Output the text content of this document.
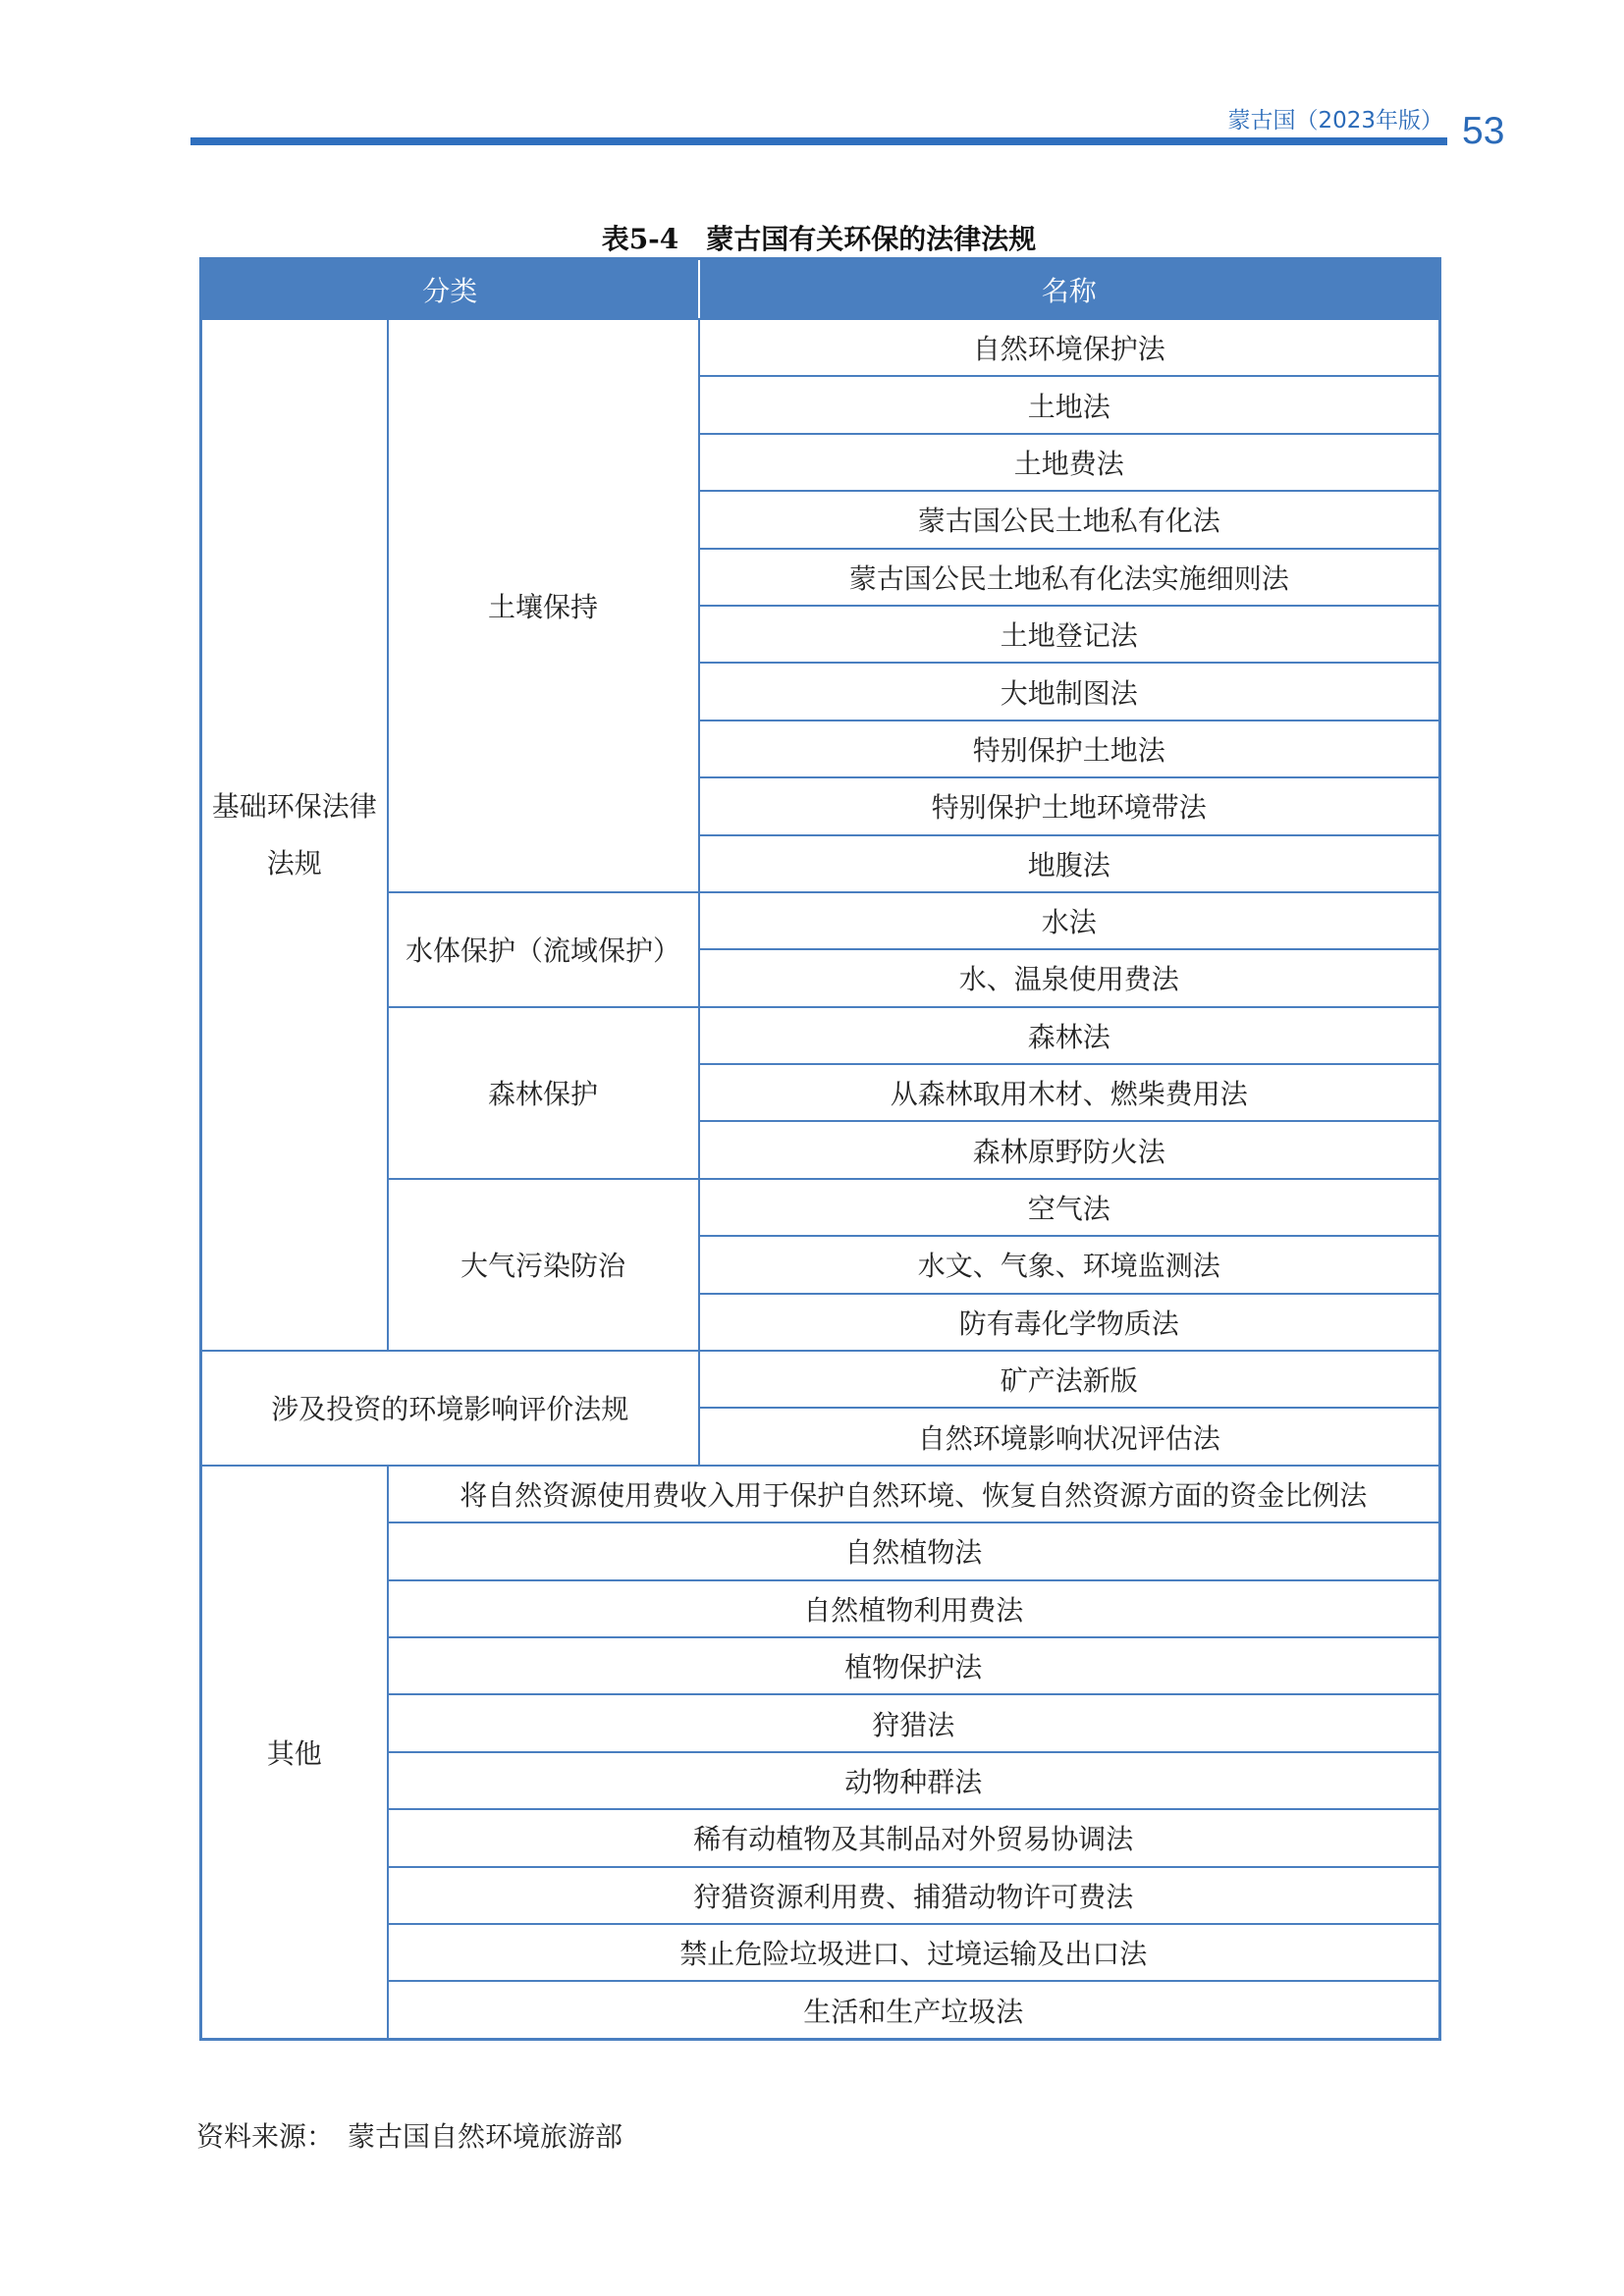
蒙古国（2023年版） 53
表5-4　蒙古国有关环保的法律法规
分类		名称
基础环保法律法规	土壤保持	自然环境保护法
		土地法
		土地费法
		蒙古国公民土地私有化法
		蒙古国公民土地私有化法实施细则法
		土地登记法
		大地制图法
		特别保护土地法
		特别保护土地环境带法
		地腹法
	水体保护（流域保护）	水法
		水、温泉使用费法
	森林保护	森林法
		从森林取用木材、燃柴费用法
		森林原野防火法
	大气污染防治	空气法
		水文、气象、环境监测法
		防有毒化学物质法
涉及投资的环境影响评价法规		矿产法新版
		自然环境影响状况评估法
其他	将自然资源使用费收入用于保护自然环境、恢复自然资源方面的资金比例法	
	自然植物法	
	自然植物利用费法	
	植物保护法	
	狩猎法	
	动物种群法	
	稀有动植物及其制品对外贸易协调法	
	狩猎资源利用费、捕猎动物许可费法	
	禁止危险垃圾进口、过境运输及出口法	
	生活和生产垃圾法	
资料来源：　蒙古国自然环境旅游部
